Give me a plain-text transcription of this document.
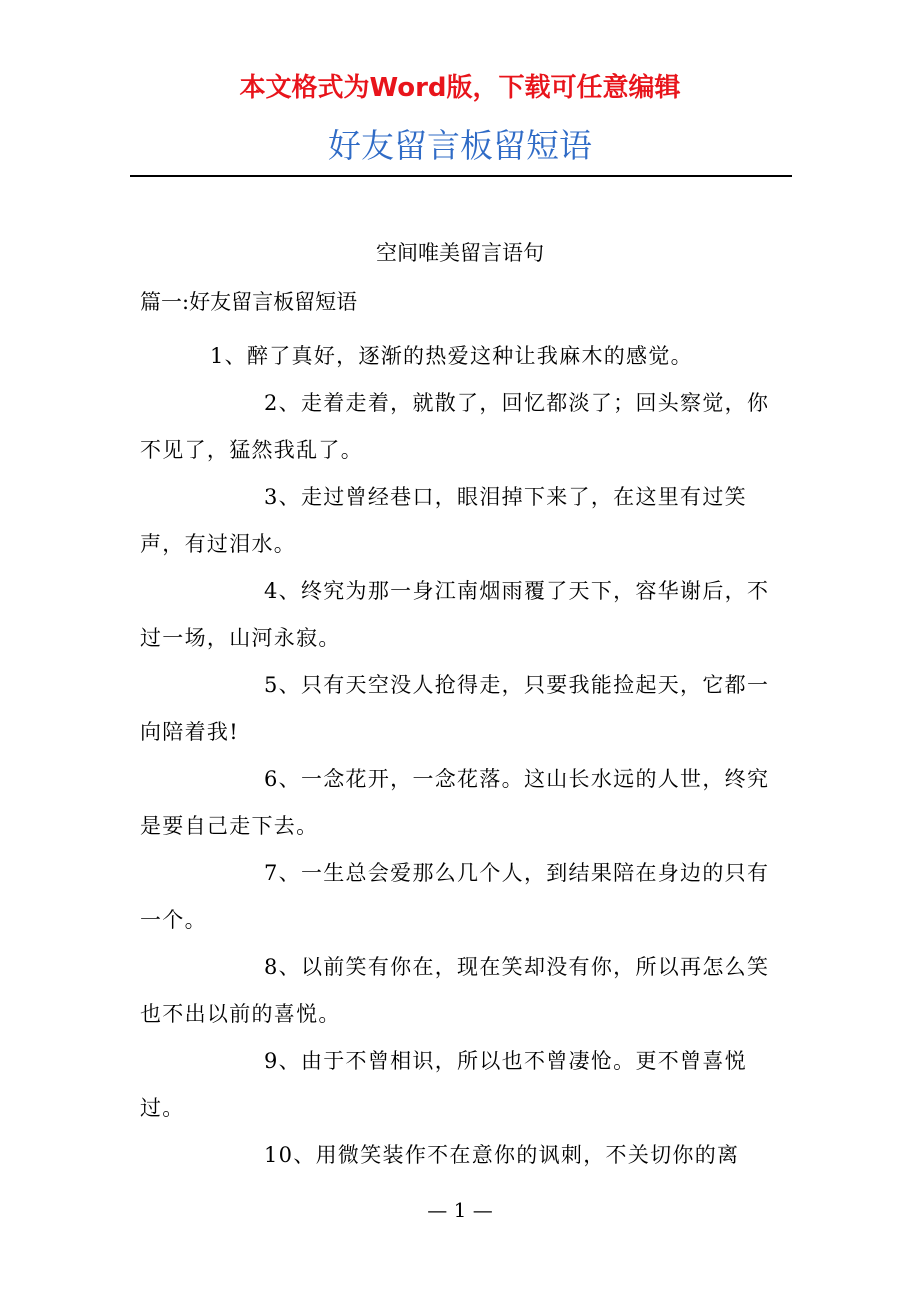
本文格式为Word版，下载可任意编辑
好友留言板留短语
空间唯美留言语句
篇一:好友留言板留短语
1、醉了真好，逐渐的热爱这种让我麻木的感觉。
2、走着走着，就散了，回忆都淡了；回头察觉，你不见了，猛然我乱了。
3、走过曾经巷口，眼泪掉下来了，在这里有过笑声，有过泪水。
4、终究为那一身江南烟雨覆了天下，容华谢后，不过一场，山河永寂。
5、只有天空没人抢得走，只要我能捡起天，它都一向陪着我!
6、一念花开，一念花落。这山长水远的人世，终究是要自己走下去。
7、一生总会爱那么几个人，到结果陪在身边的只有一个。
8、以前笑有你在，现在笑却没有你，所以再怎么笑也不出以前的喜悦。
9、由于不曾相识，所以也不曾凄怆。更不曾喜悦过。
10、用微笑装作不在意你的讽刺，不关切你的离
— 1 —
